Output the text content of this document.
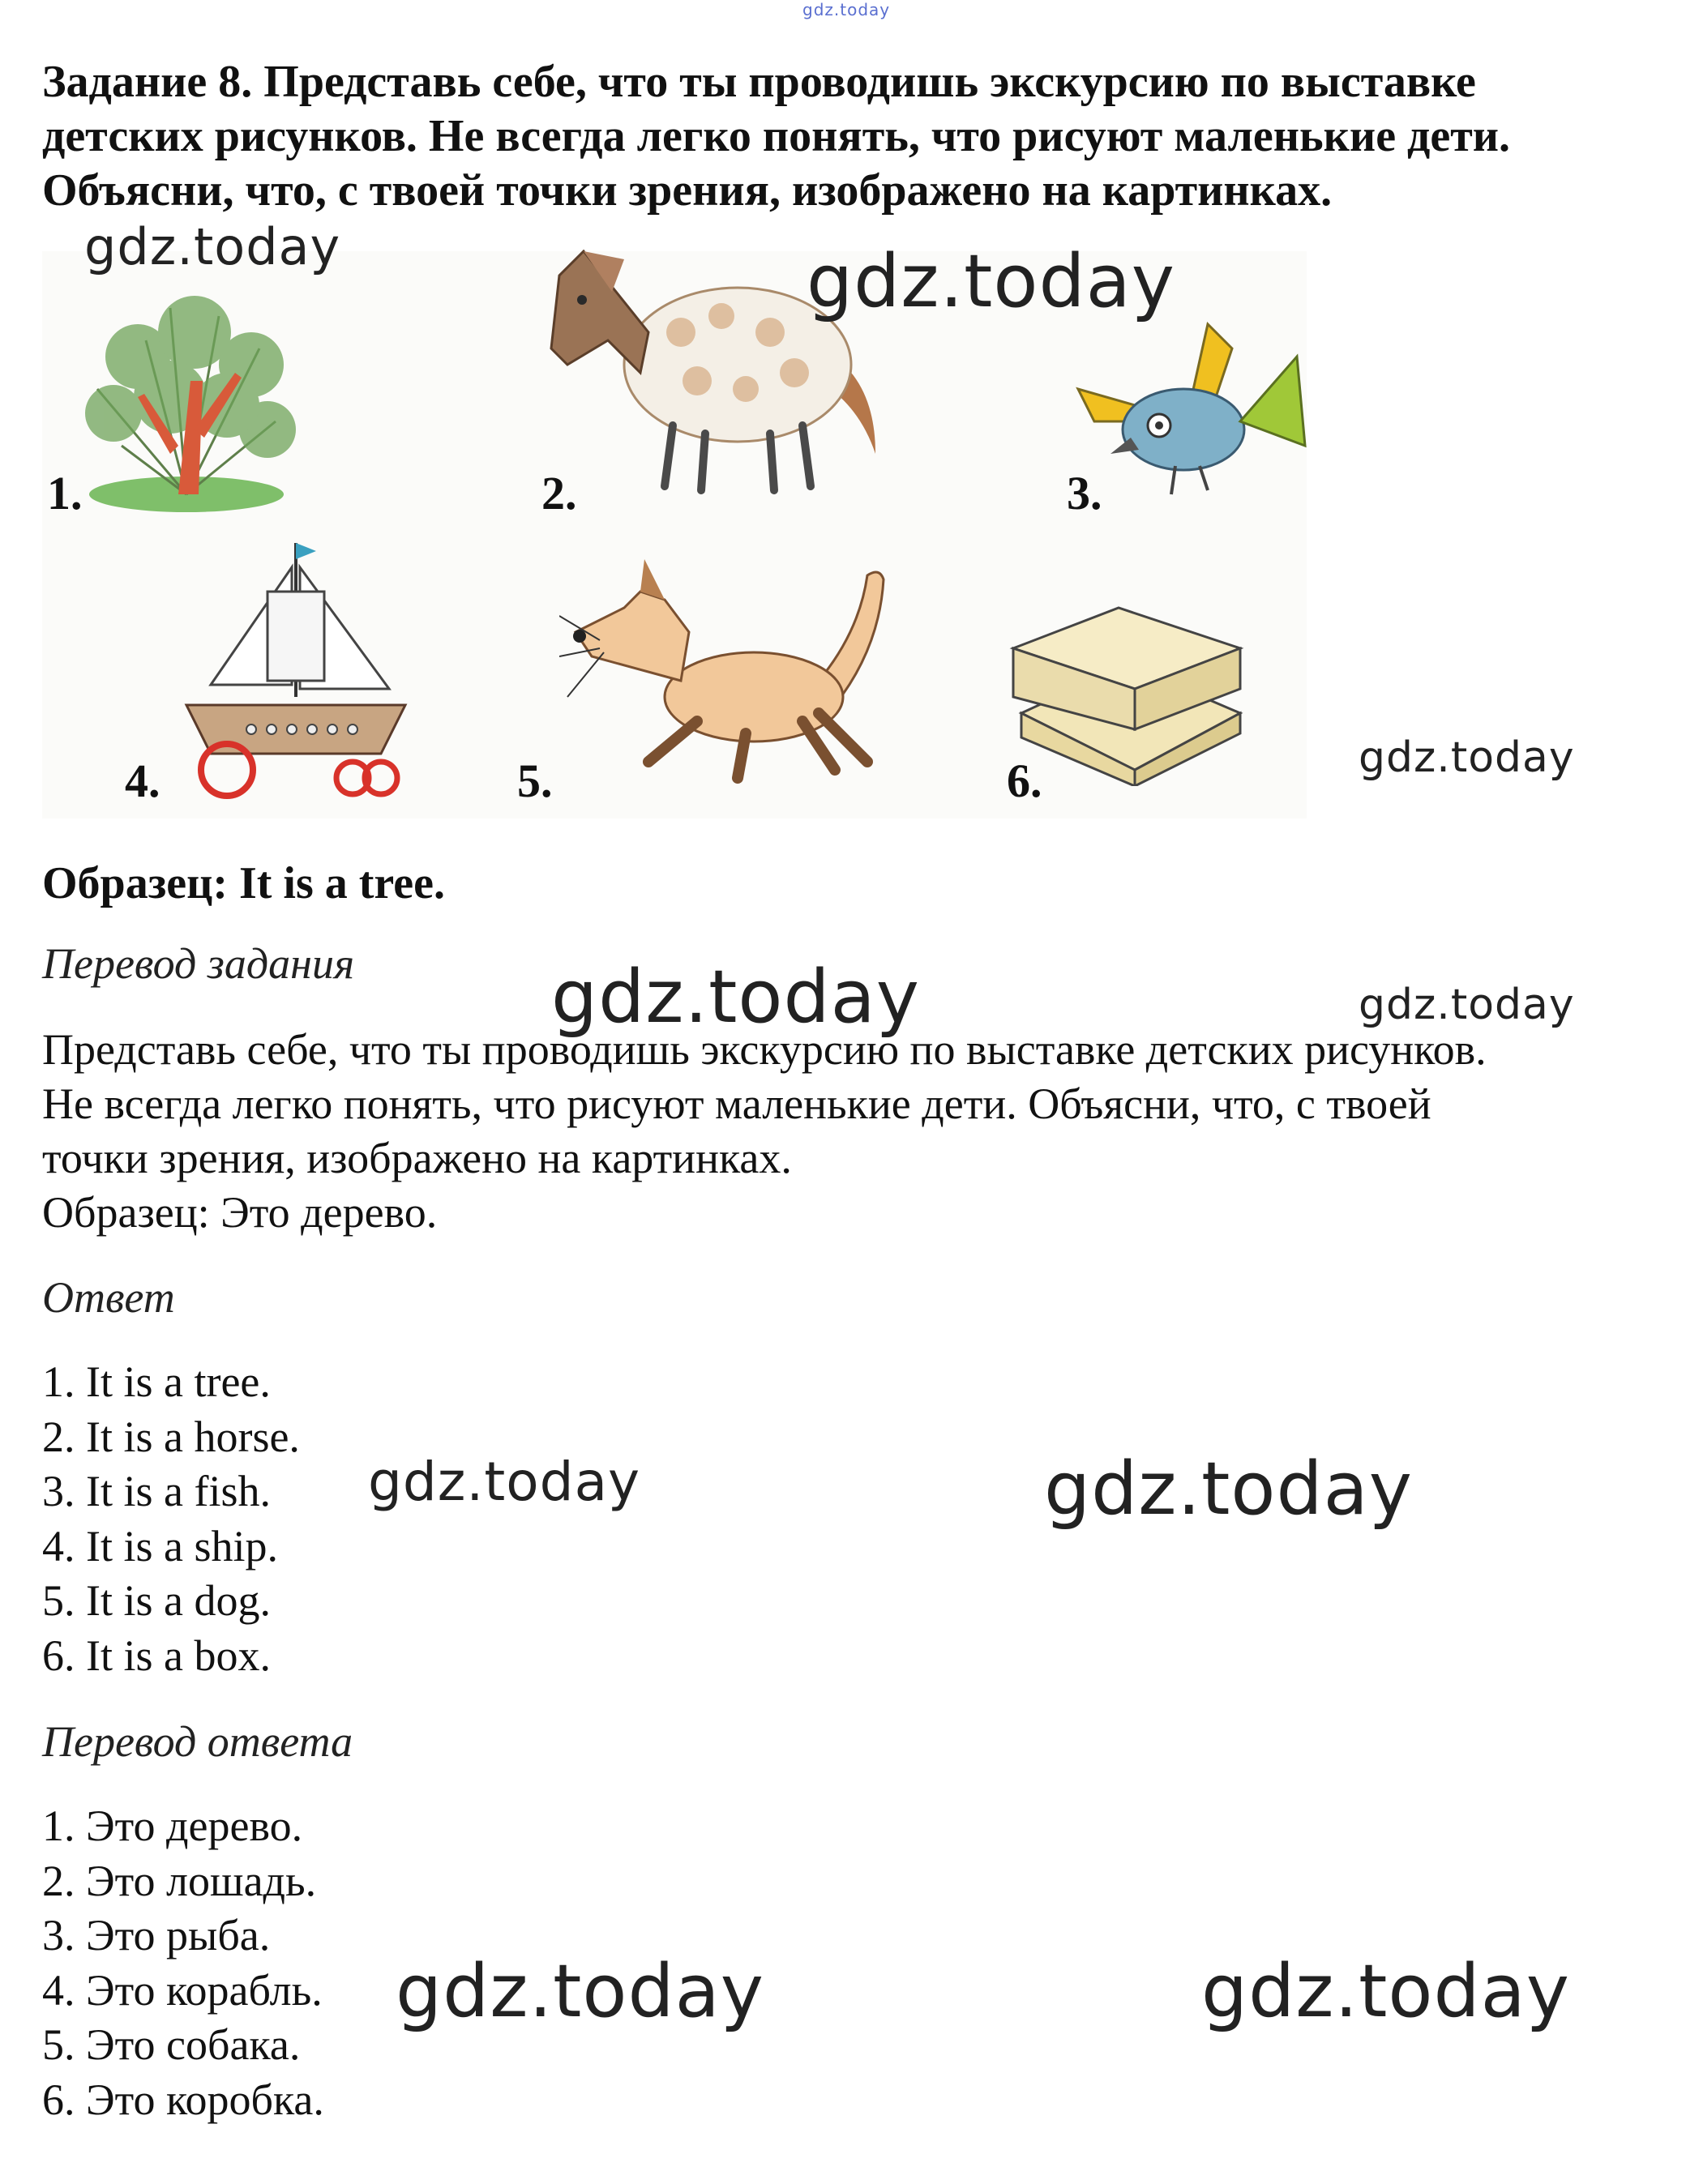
gdz.today
Задание 8. Представь себе, что ты проводишь экскурсию по выставке детских рисунков. Не всегда легко понять, что рисуют маленькие дети. Объясни, что, с твоей точки зрения, изображено на картинках.
1.	2.	3.
4.	5.	6.
gdz.today	gdz.today
gdz.today
Образец: It is a tree.
Перевод задания	gdz.today	gdz.today
Представь себе, что ты проводишь экскурсию по выставке детских рисунков.
Не всегда легко понять, что рисуют маленькие дети. Объясни, что, с твоей
точки зрения, изображено на картинках.
Образец: Это дерево.
Ответ
1. It is a tree.
2. It is a horse.
3. It is a fish.
4. It is a ship.
5. It is a dog.
6. It is a box.
gdz.today	gdz.today
Перевод ответа
1. Это дерево.
2. Это лошадь.
3. Это рыба.
4. Это корабль.
5. Это собака.
6. Это коробка.
gdz.today	gdz.today
